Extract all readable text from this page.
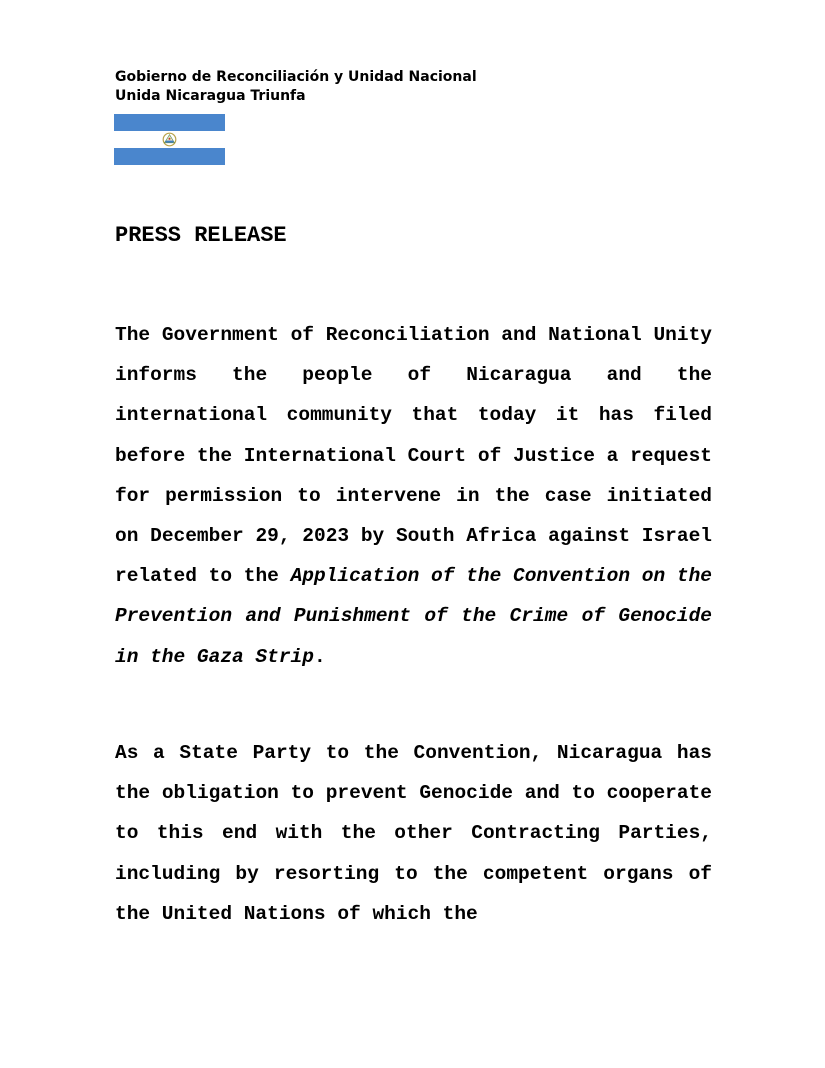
Gobierno de Reconciliación y Unidad Nacional
Unida Nicaragua Triunfa
PRESS RELEASE

The Government of Reconciliation and National Unity informs the people of Nicaragua and the international community that today it has filed before the International Court of Justice a request for permission to intervene in the case initiated on December 29, 2023 by South Africa against Israel related to the Application of the Convention on the Prevention and Punishment of the Crime of Genocide in the Gaza Strip.

As a State Party to the Convention, Nicaragua has the obligation to prevent Genocide and to cooperate to this end with the other Contracting Parties, including by resorting to the competent organs of the United Nations of which the
